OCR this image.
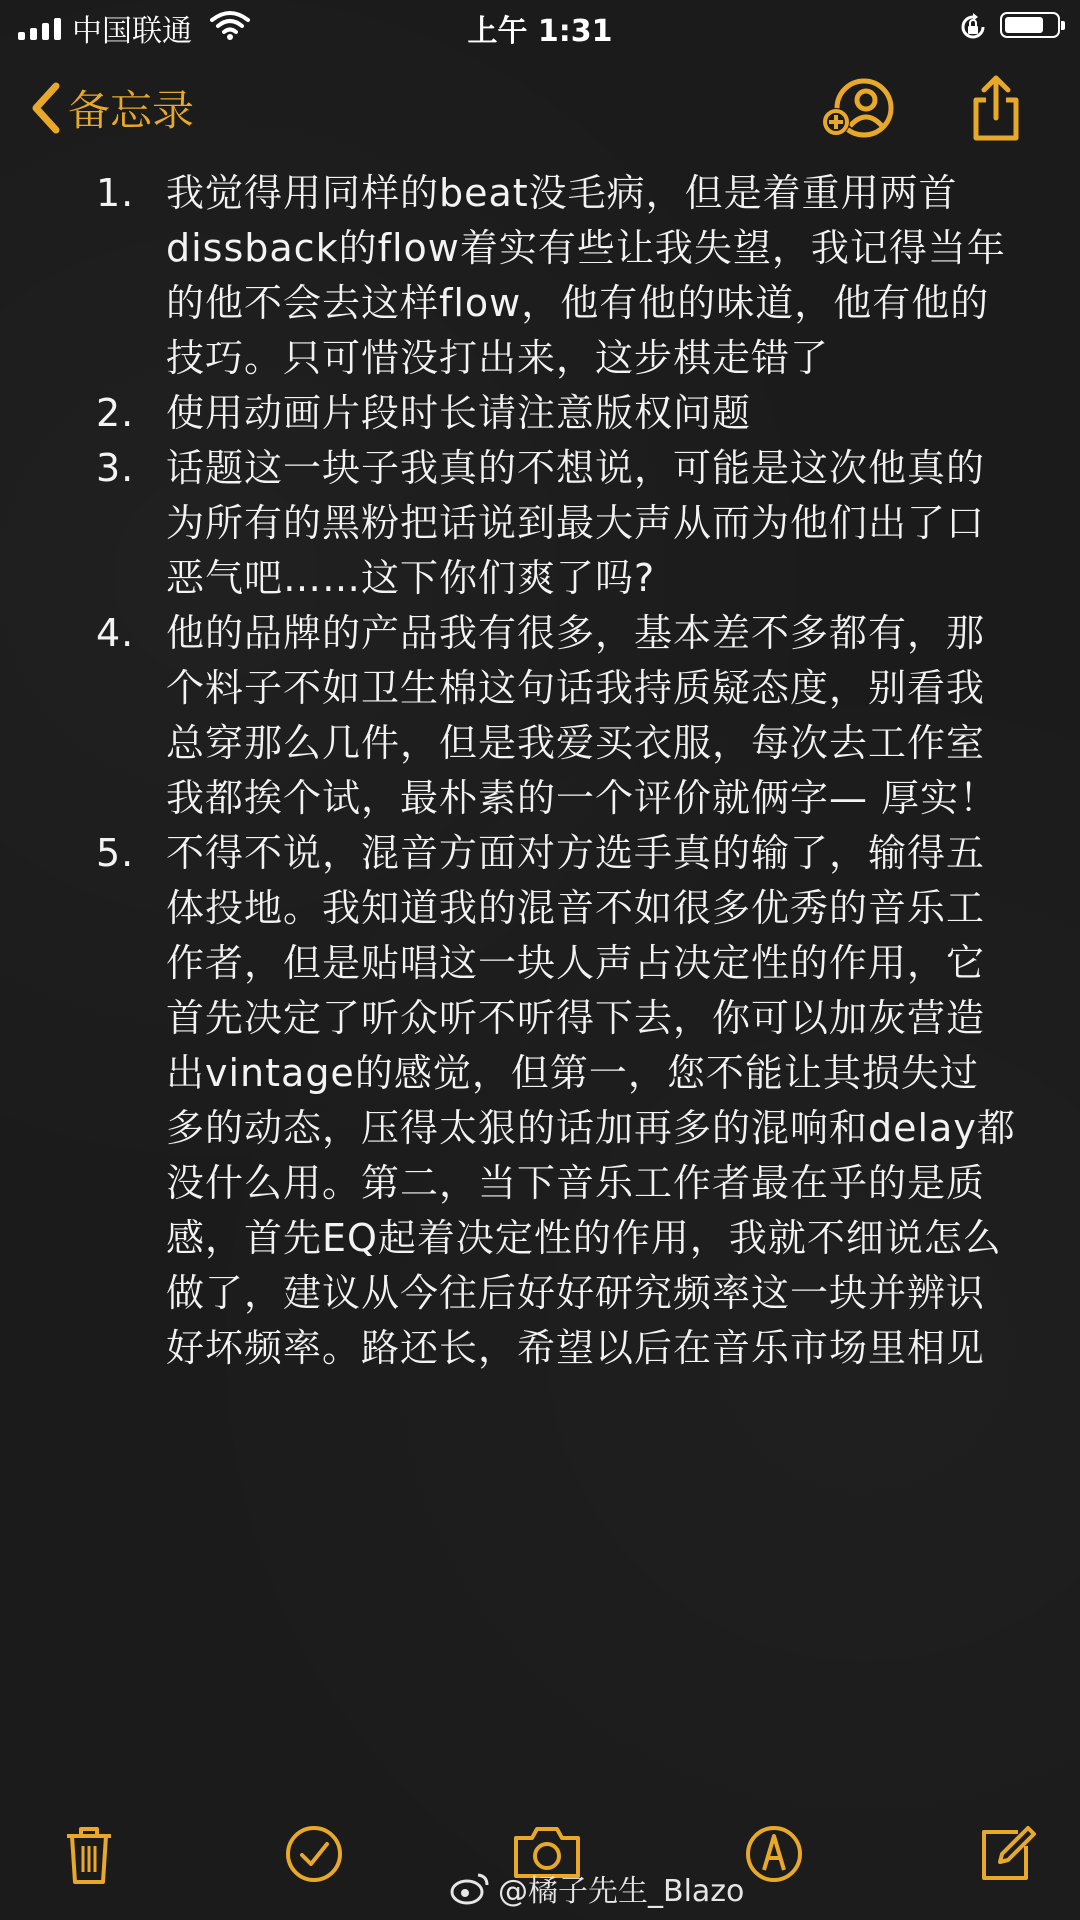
中国联通	上午 1:31
备忘录
1. 我觉得用同样的beat没毛病，但是着重用两首dissback的flow着实有些让我失望，我记得当年的他不会去这样flow，他有他的味道，他有他的技巧。只可惜没打出来，这步棋走错了
2. 使用动画片段时长请注意版权问题
3. 话题这一块子我真的不想说，可能是这次他真的为所有的黑粉把话说到最大声从而为他们出了口恶气吧……这下你们爽了吗?
4. 他的品牌的产品我有很多，基本差不多都有，那个料子不如卫生棉这句话我持质疑态度，别看我总穿那么几件，但是我爱买衣服，每次去工作室我都挨个试，最朴素的一个评价就俩字— 厚实！
5. 不得不说，混音方面对方选手真的输了，输得五体投地。我知道我的混音不如很多优秀的音乐工作者，但是贴唱这一块人声占决定性的作用，它首先决定了听众听不听得下去，你可以加灰营造出vintage的感觉，但第一，您不能让其损失过多的动态，压得太狠的话加再多的混响和delay都没什么用。第二，当下音乐工作者最在乎的是质感，首先EQ起着决定性的作用，我就不细说怎么做了，建议从今往后好好研究频率这一块并辨识好坏频率。路还长，希望以后在音乐市场里相见
@橘子先生_Blazo
